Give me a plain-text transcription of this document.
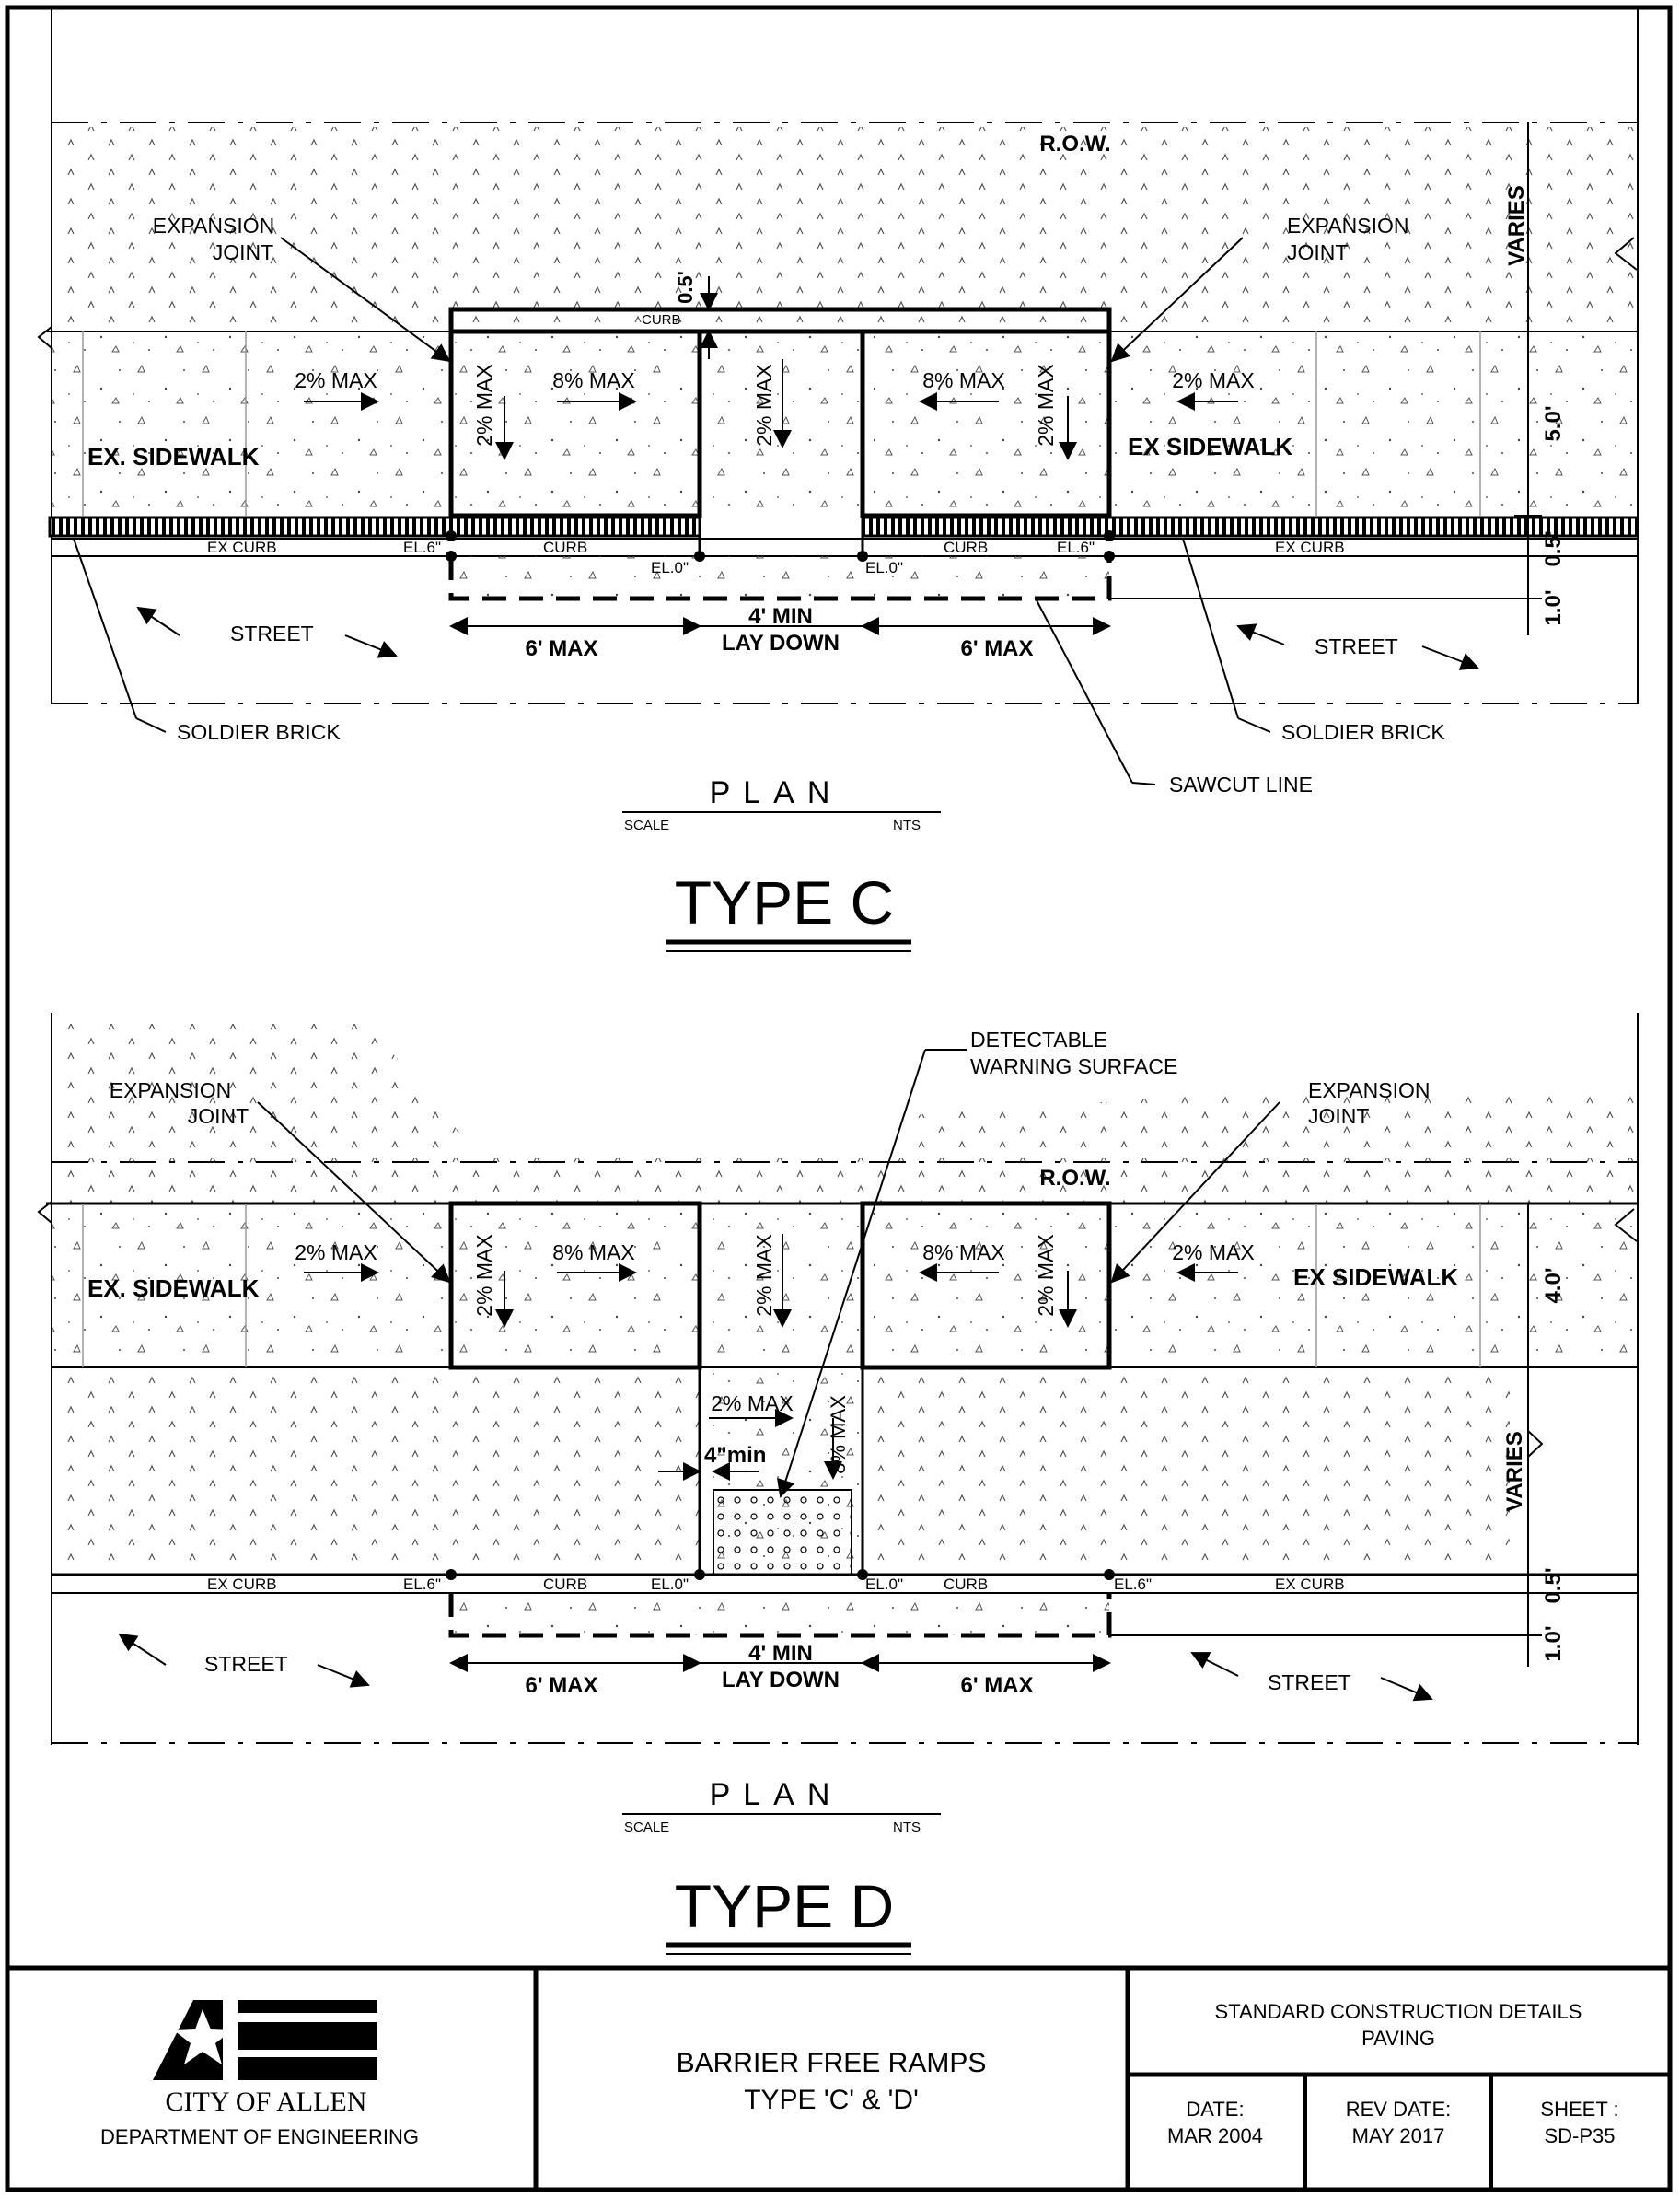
R.O.W.
EXPANSION
JOINT
EXPANSION
JOINT
0.5'
CURB
2% MAX	8% MAX
2% MAX	2% MAX	8% MAX 2% MAX	2% MAX
EX. SIDEWALK	EX SIDEWALK
VARIES
5.0'
0.5'
1.0'
EX CURB	EX CURB
CURB	CURB
EL.6"	EL.6"
EL.0"	EL.0"
4' MIN
LAY DOWN
6' MAX	6' MAX
STREET
STREET
SOLDIER BRICK	SOLDIER BRICK
SAWCUT LINE
PLAN
SCALE	NTS
TYPE C
R.O.W.
EXPANSION
JOINT
EXPANSION
JOINT
DETECTABLE
WARNING SURFACE
2% MAX	8% MAX
2% MAX	2% MAX	8% MAX 2% MAX	2% MAX
EX. SIDEWALK	EX SIDEWALK	4.0'
VARIES
0.5'
1.0'
2% MAX 8% MAX
4"min
EX CURB	EX CURB
CURB	CURB
EL.6"	EL.6"
EL.0"	EL.0"
4' MIN
LAY DOWN
6' MAX	6' MAX
STREET
STREET
PLAN
SCALE	NTS
TYPE D
CITY OF ALLEN
DEPARTMENT OF ENGINEERING
BARRIER FREE RAMPS
TYPE 'C' & 'D'
STANDARD CONSTRUCTION DETAILS
PAVING
DATE:
MAR 2004
REV DATE:
MAY 2017
SHEET :
SD-P35
